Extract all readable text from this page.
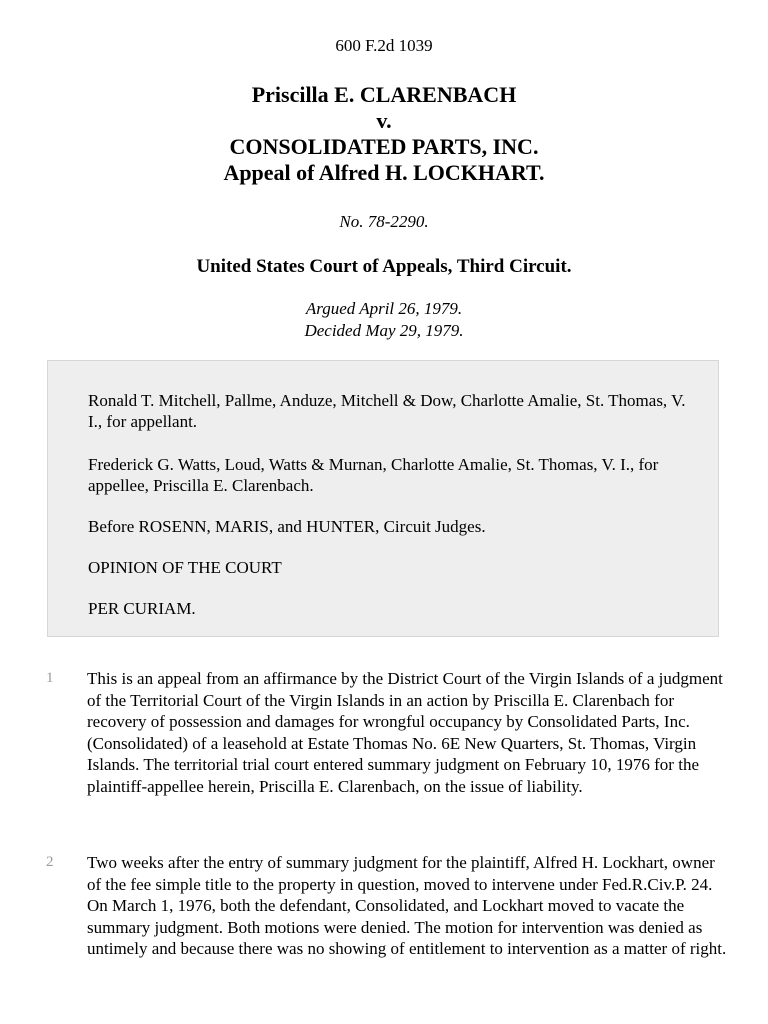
600 F.2d 1039
Priscilla E. CLARENBACH
v.
CONSOLIDATED PARTS, INC.
Appeal of Alfred H. LOCKHART.
No. 78-2290.
United States Court of Appeals, Third Circuit.
Argued April 26, 1979.
Decided May 29, 1979.
Ronald T. Mitchell, Pallme, Anduze, Mitchell & Dow, Charlotte Amalie, St. Thomas, V. I., for appellant.
Frederick G. Watts, Loud, Watts & Murnan, Charlotte Amalie, St. Thomas, V. I., for appellee, Priscilla E. Clarenbach.
Before ROSENN, MARIS, and HUNTER, Circuit Judges.
OPINION OF THE COURT
PER CURIAM.
1 This is an appeal from an affirmance by the District Court of the Virgin Islands of a judgment of the Territorial Court of the Virgin Islands in an action by Priscilla E. Clarenbach for recovery of possession and damages for wrongful occupancy by Consolidated Parts, Inc. (Consolidated) of a leasehold at Estate Thomas No. 6E New Quarters, St. Thomas, Virgin Islands. The territorial trial court entered summary judgment on February 10, 1976 for the plaintiff-appellee herein, Priscilla E. Clarenbach, on the issue of liability.
2 Two weeks after the entry of summary judgment for the plaintiff, Alfred H. Lockhart, owner of the fee simple title to the property in question, moved to intervene under Fed.R.Civ.P. 24. On March 1, 1976, both the defendant, Consolidated, and Lockhart moved to vacate the summary judgment. Both motions were denied. The motion for intervention was denied as untimely and because there was no showing of entitlement to intervention as a matter of right.
